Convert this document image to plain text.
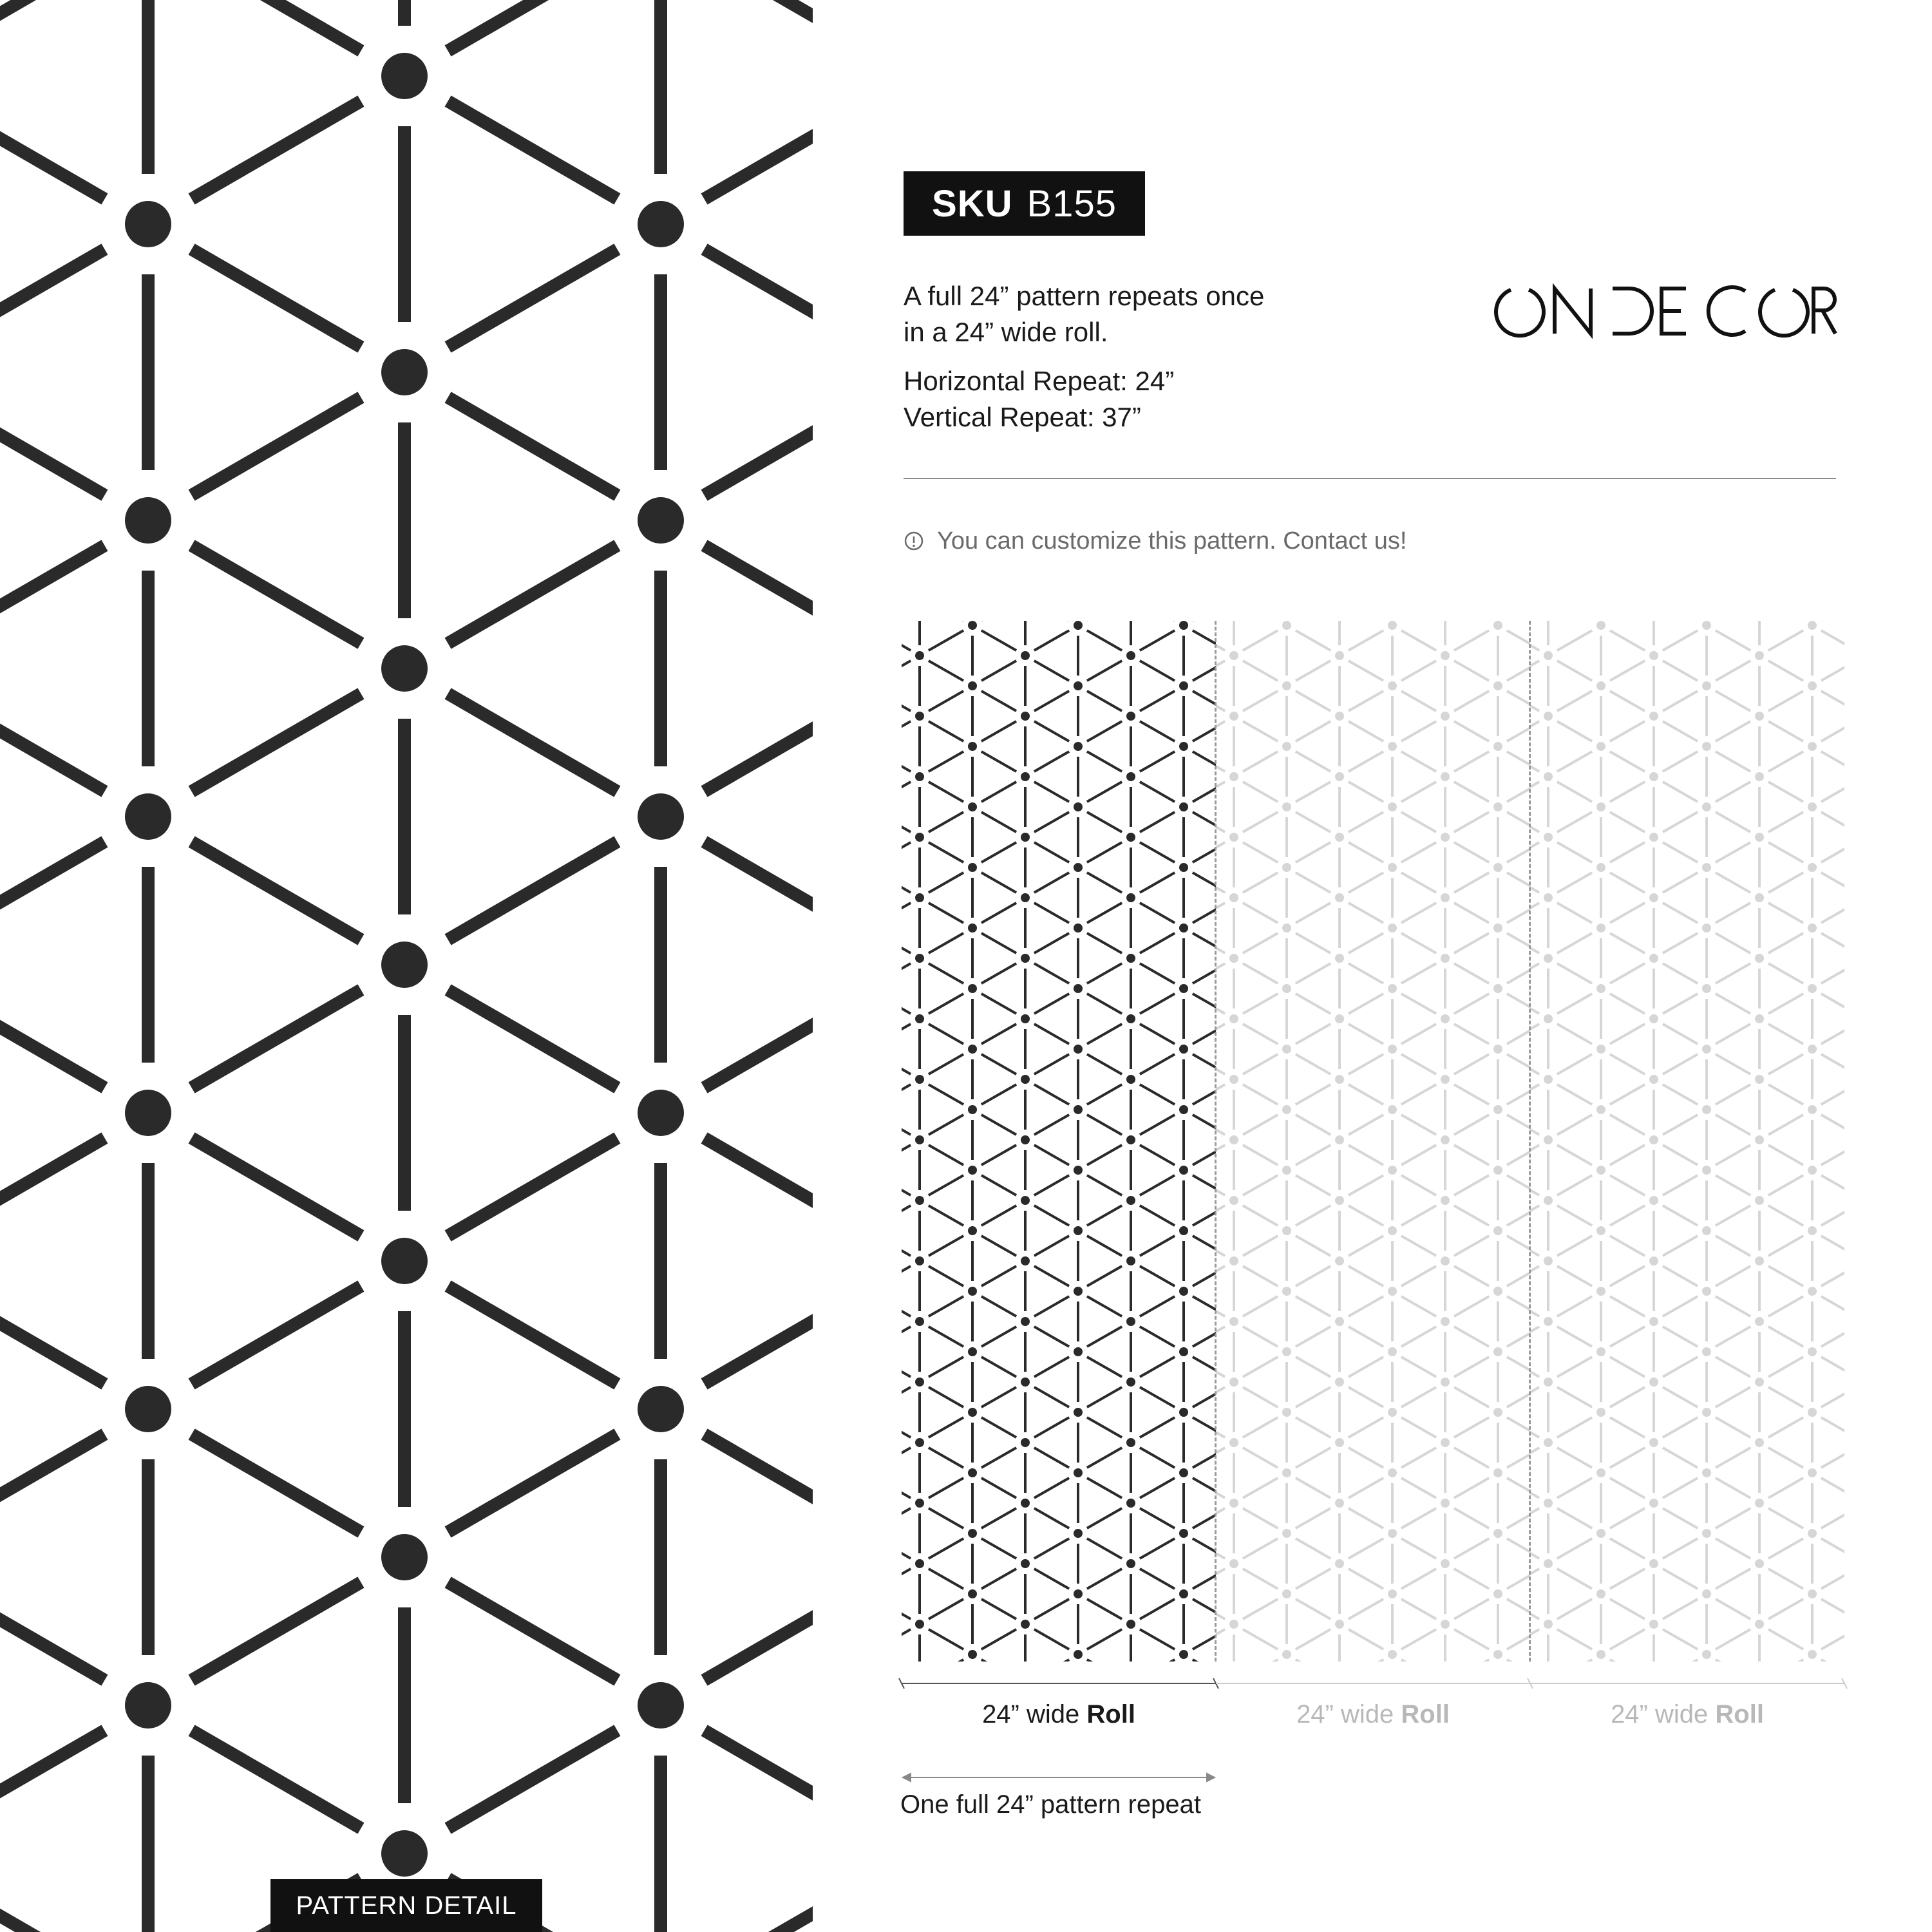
PATTERN DETAIL
SKU B155
A full 24” pattern repeats once
in a 24” wide roll.
Horizontal Repeat: 24”
Vertical Repeat: 37”
You can customize this pattern. Contact us!
24” wide Roll	24” wide Roll	24” wide Roll
One full 24” pattern repeat
